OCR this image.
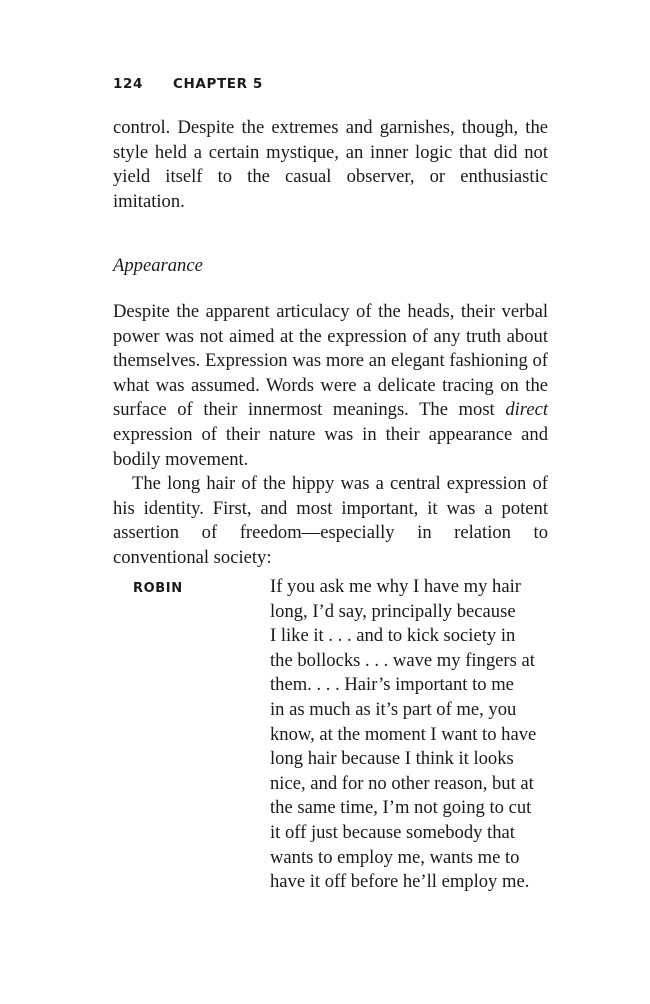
124 CHAPTER 5

control. Despite the extremes and garnishes, though, the style held a certain mystique, an inner logic that did not yield itself to the casual observer, or enthusiastic imitation.

Appearance

Despite the apparent articulacy of the heads, their verbal power was not aimed at the expression of any truth about themselves. Expression was more an elegant fashioning of what was assumed. Words were a delicate tracing on the surface of their innermost meanings. The most direct expression of their nature was in their appearance and bodily movement.

The long hair of the hippy was a central expression of his identity. First, and most important, it was a potent assertion of freedom—especially in relation to conventional society:

ROBIN	If you ask me why I have my hair
long, I’d say, principally because
I like it . . . and to kick society in
the bollocks . . . wave my fingers at
them. . . . Hair’s important to me
in as much as it’s part of me, you
know, at the moment I want to have
long hair because I think it looks
nice, and for no other reason, but at
the same time, I’m not going to cut
it off just because somebody that
wants to employ me, wants me to
have it off before he’ll employ me.
